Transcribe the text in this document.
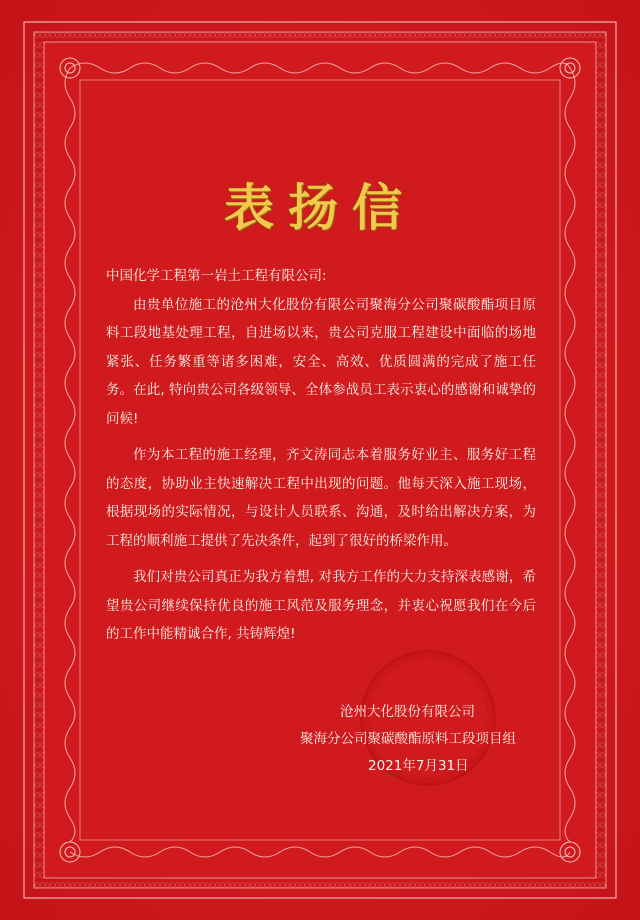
表扬信

中国化学工程第一岩土工程有限公司:

由贵单位施工的沧州大化股份有限公司聚海分公司聚碳酸酯项目原料工段地基处理工程，自进场以来，贵公司克服工程建设中面临的场地紧张、任务繁重等诸多困难，安全、高效、优质圆满的完成了施工任务。在此, 特向贵公司各级领导、全体参战员工表示衷心的感谢和诚挚的问候!

作为本工程的施工经理，齐文涛同志本着服务好业主、服务好工程的态度，协助业主快速解决工程中出现的问题。他每天深入施工现场，根据现场的实际情况，与设计人员联系、沟通，及时给出解决方案，为工程的顺利施工提供了先决条件，起到了很好的桥梁作用。

我们对贵公司真正为我方着想, 对我方工作的大力支持深表感谢，希望贵公司继续保持优良的施工风范及服务理念，并衷心祝愿我们在今后的工作中能精诚合作, 共铸辉煌!

沧州大化股份有限公司
聚海分公司聚碳酸酯原料工段项目组
2021年7月31日
